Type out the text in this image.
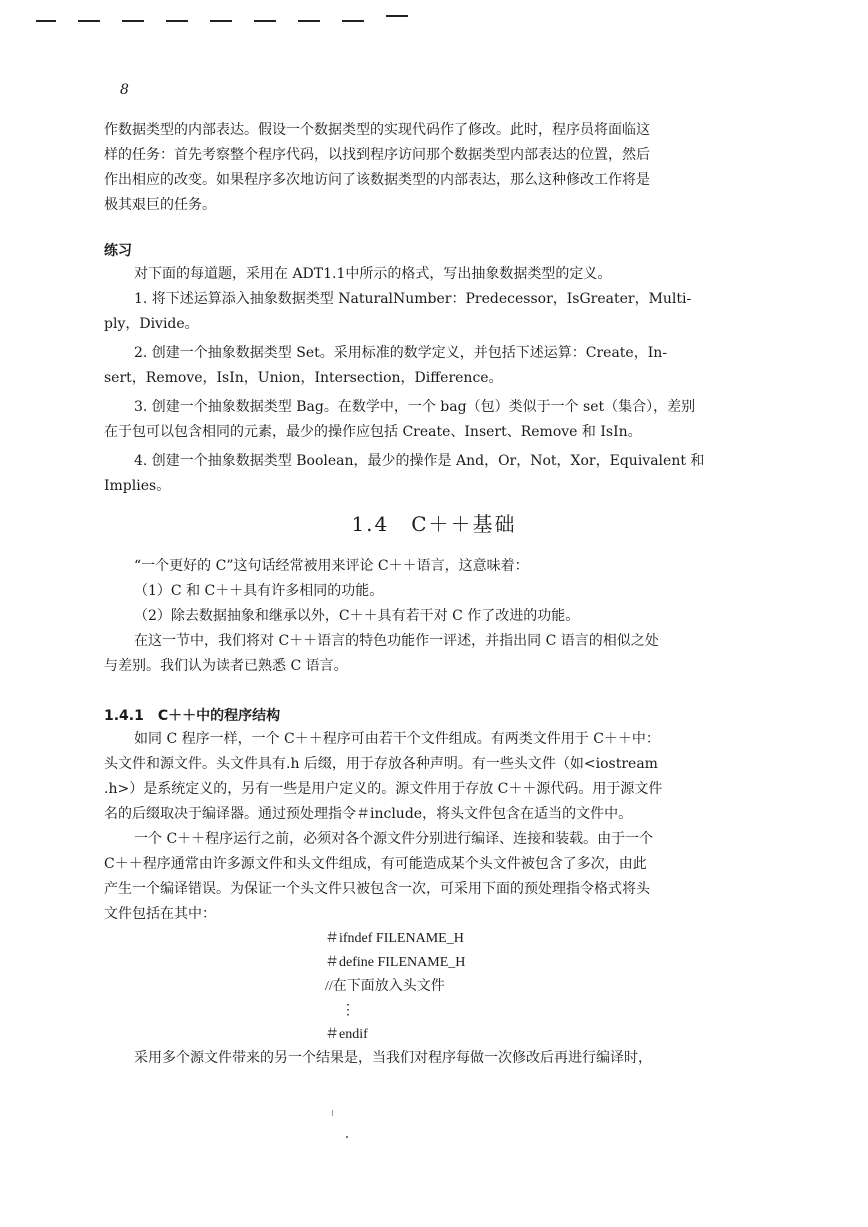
8

作数据类型的内部表达。假设一个数据类型的实现代码作了修改。此时，程序员将面临这

样的任务：首先考察整个程序代码，以找到程序访问那个数据类型内部表达的位置，然后

作出相应的改变。如果程序多次地访问了该数据类型的内部表达，那么这种修改工作将是

极其艰巨的任务。

练习

对下面的每道题，采用在 ADT1.1中所示的格式，写出抽象数据类型的定义。

1. 将下述运算添入抽象数据类型 NaturalNumber：Predecessor，IsGreater，Multi-

ply，Divide。

2. 创建一个抽象数据类型 Set。采用标准的数学定义，并包括下述运算：Create，In-

sert，Remove，IsIn，Union，Intersection，Difference。

3. 创建一个抽象数据类型 Bag。在数学中，一个 bag（包）类似于一个 set（集合），差别

在于包可以包含相同的元素，最少的操作应包括 Create、Insert、Remove 和 IsIn。

4. 创建一个抽象数据类型 Boolean，最少的操作是 And，Or，Not，Xor，Equivalent 和

Implies。

1.4　C＋＋基础

“一个更好的 C”这句话经常被用来评论 C＋＋语言，这意味着：

（1）C 和 C＋＋具有许多相同的功能。

（2）除去数据抽象和继承以外，C＋＋具有若干对 C 作了改进的功能。

在这一节中，我们将对 C＋＋语言的特色功能作一评述，并指出同 C 语言的相似之处

与差别。我们认为读者已熟悉 C 语言。

1.4.1　C＋＋中的程序结构

如同 C 程序一样，一个 C＋＋程序可由若干个文件组成。有两类文件用于 C＋＋中：

头文件和源文件。头文件具有.h 后缀，用于存放各种声明。有一些头文件（如<iostream

.h>）是系统定义的，另有一些是用户定义的。源文件用于存放 C＋＋源代码。用于源文件

名的后缀取决于编译器。通过预处理指令＃include，将头文件包含在适当的文件中。

一个 C＋＋程序运行之前，必须对各个源文件分别进行编译、连接和装载。由于一个

C＋＋程序通常由许多源文件和头文件组成，有可能造成某个头文件被包含了多次，由此

产生一个编译错误。为保证一个头文件只被包含一次，可采用下面的预处理指令格式将头

文件包括在其中：

＃ifndef FILENAME_H
＃define FILENAME_H
//在下面放入头文件
⋮
＃endif

采用多个源文件带来的另一个结果是，当我们对程序每做一次修改后再进行编译时，
